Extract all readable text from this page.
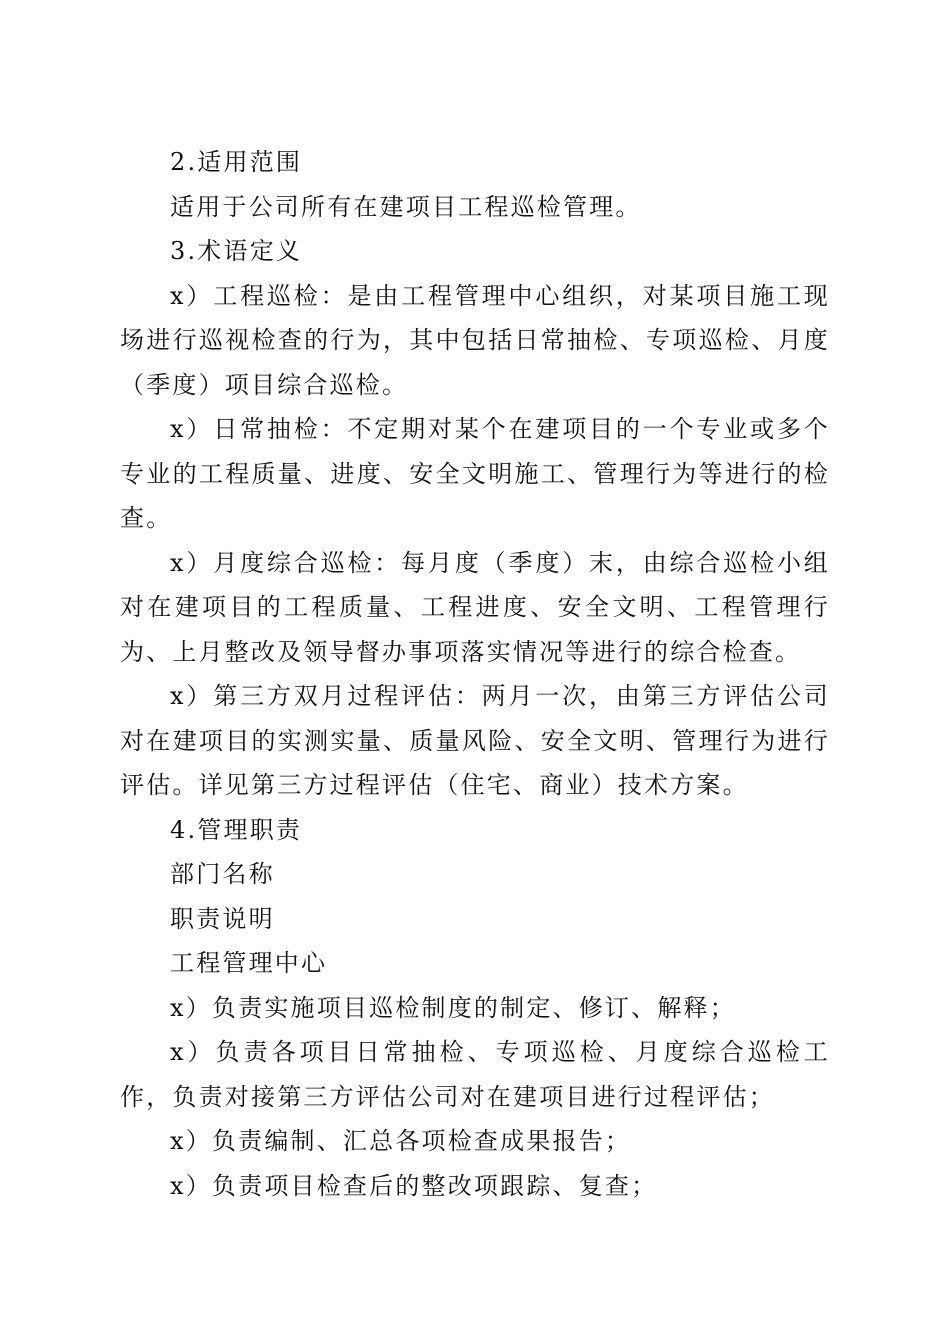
2.适用范围

适用于公司所有在建项目工程巡检管理。

3.术语定义

x）工程巡检：是由工程管理中心组织，对某项目施工现场进行巡视检查的行为，其中包括日常抽检、专项巡检、月度（季度）项目综合巡检。

x）日常抽检：不定期对某个在建项目的一个专业或多个专业的工程质量、进度、安全文明施工、管理行为等进行的检查。

x）月度综合巡检：每月度（季度）末，由综合巡检小组对在建项目的工程质量、工程进度、安全文明、工程管理行为、上月整改及领导督办事项落实情况等进行的综合检查。

x）第三方双月过程评估：两月一次，由第三方评估公司对在建项目的实测实量、质量风险、安全文明、管理行为进行评估。详见第三方过程评估（住宅、商业）技术方案。

4.管理职责

部门名称

职责说明

工程管理中心

x）负责实施项目巡检制度的制定、修订、解释；

x）负责各项目日常抽检、专项巡检、月度综合巡检工作，负责对接第三方评估公司对在建项目进行过程评估；

x）负责编制、汇总各项检查成果报告；

x）负责项目检查后的整改项跟踪、复查；
